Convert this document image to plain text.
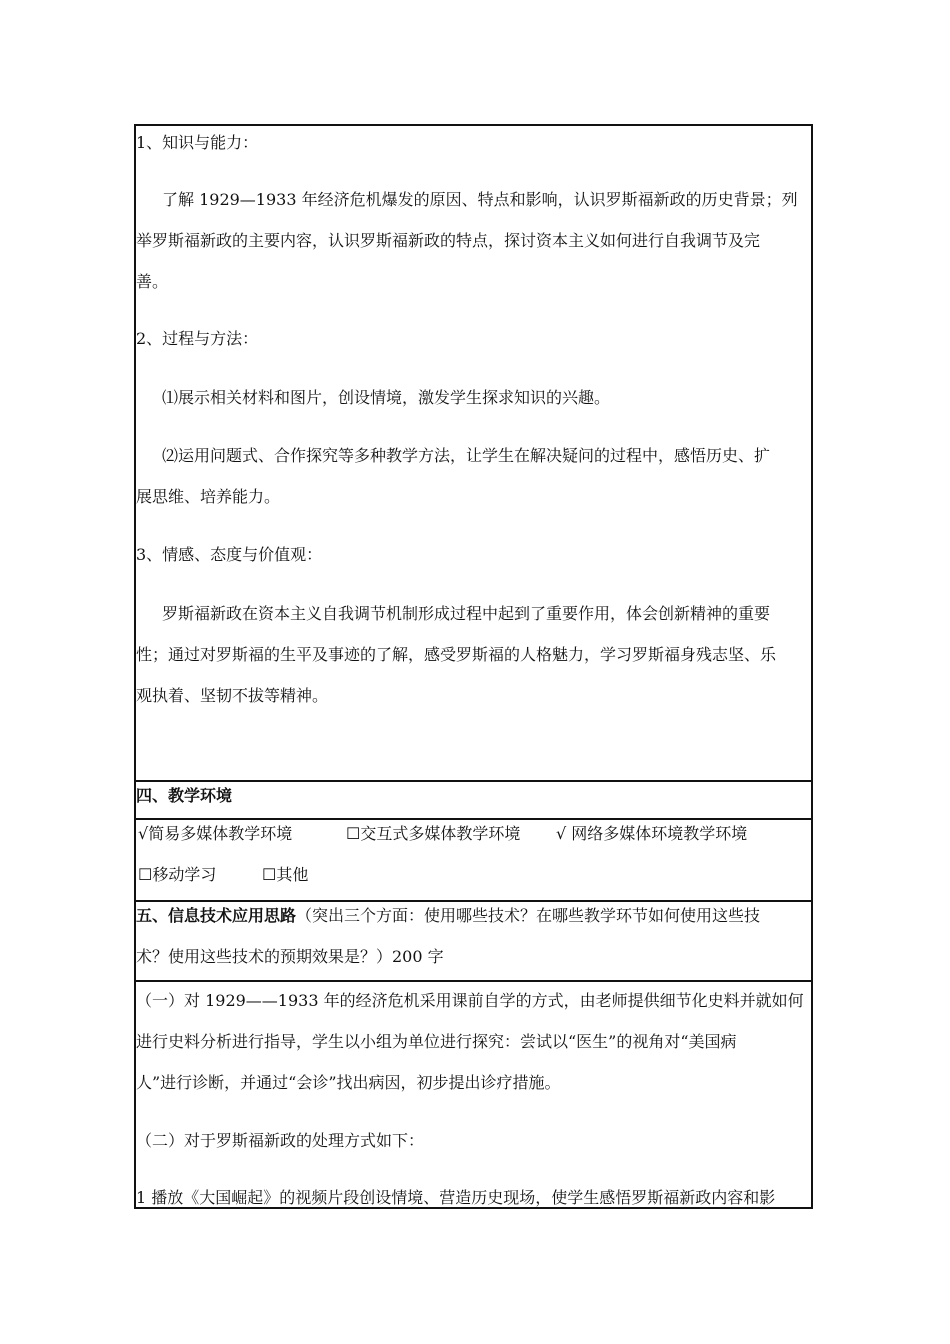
1、知识与能力：
了解 1929—1933 年经济危机爆发的原因、特点和影响，认识罗斯福新政的历史背景；列
举罗斯福新政的主要内容，认识罗斯福新政的特点，探讨资本主义如何进行自我调节及完
善。
2、过程与方法：
⑴展示相关材料和图片，创设情境，激发学生探求知识的兴趣。
⑵运用问题式、合作探究等多种教学方法，让学生在解决疑问的过程中，感悟历史、扩
展思维、培养能力。
3、情感、态度与价值观：
罗斯福新政在资本主义自我调节机制形成过程中起到了重要作用，体会创新精神的重要
性；通过对罗斯福的生平及事迹的了解，感受罗斯福的人格魅力，学习罗斯福身残志坚、乐
观执着、坚韧不拔等精神。
四、教学环境
√简易多媒体教学环境	☐交互式多媒体教学环境 √ 网络多媒体环境教学环境
☐移动学习	☐其他
五、信息技术应用思路（突出三个方面：使用哪些技术？在哪些教学环节如何使用这些技
术？使用这些技术的预期效果是？）200 字
（一）对 1929——1933 年的经济危机采用课前自学的方式，由老师提供细节化史料并就如何
进行史料分析进行指导，学生以小组为单位进行探究：尝试以“医生”的视角对“美国病
人”进行诊断，并通过“会诊”找出病因，初步提出诊疗措施。
（二）对于罗斯福新政的处理方式如下：
1 播放《大国崛起》的视频片段创设情境、营造历史现场，使学生感悟罗斯福新政内容和影
